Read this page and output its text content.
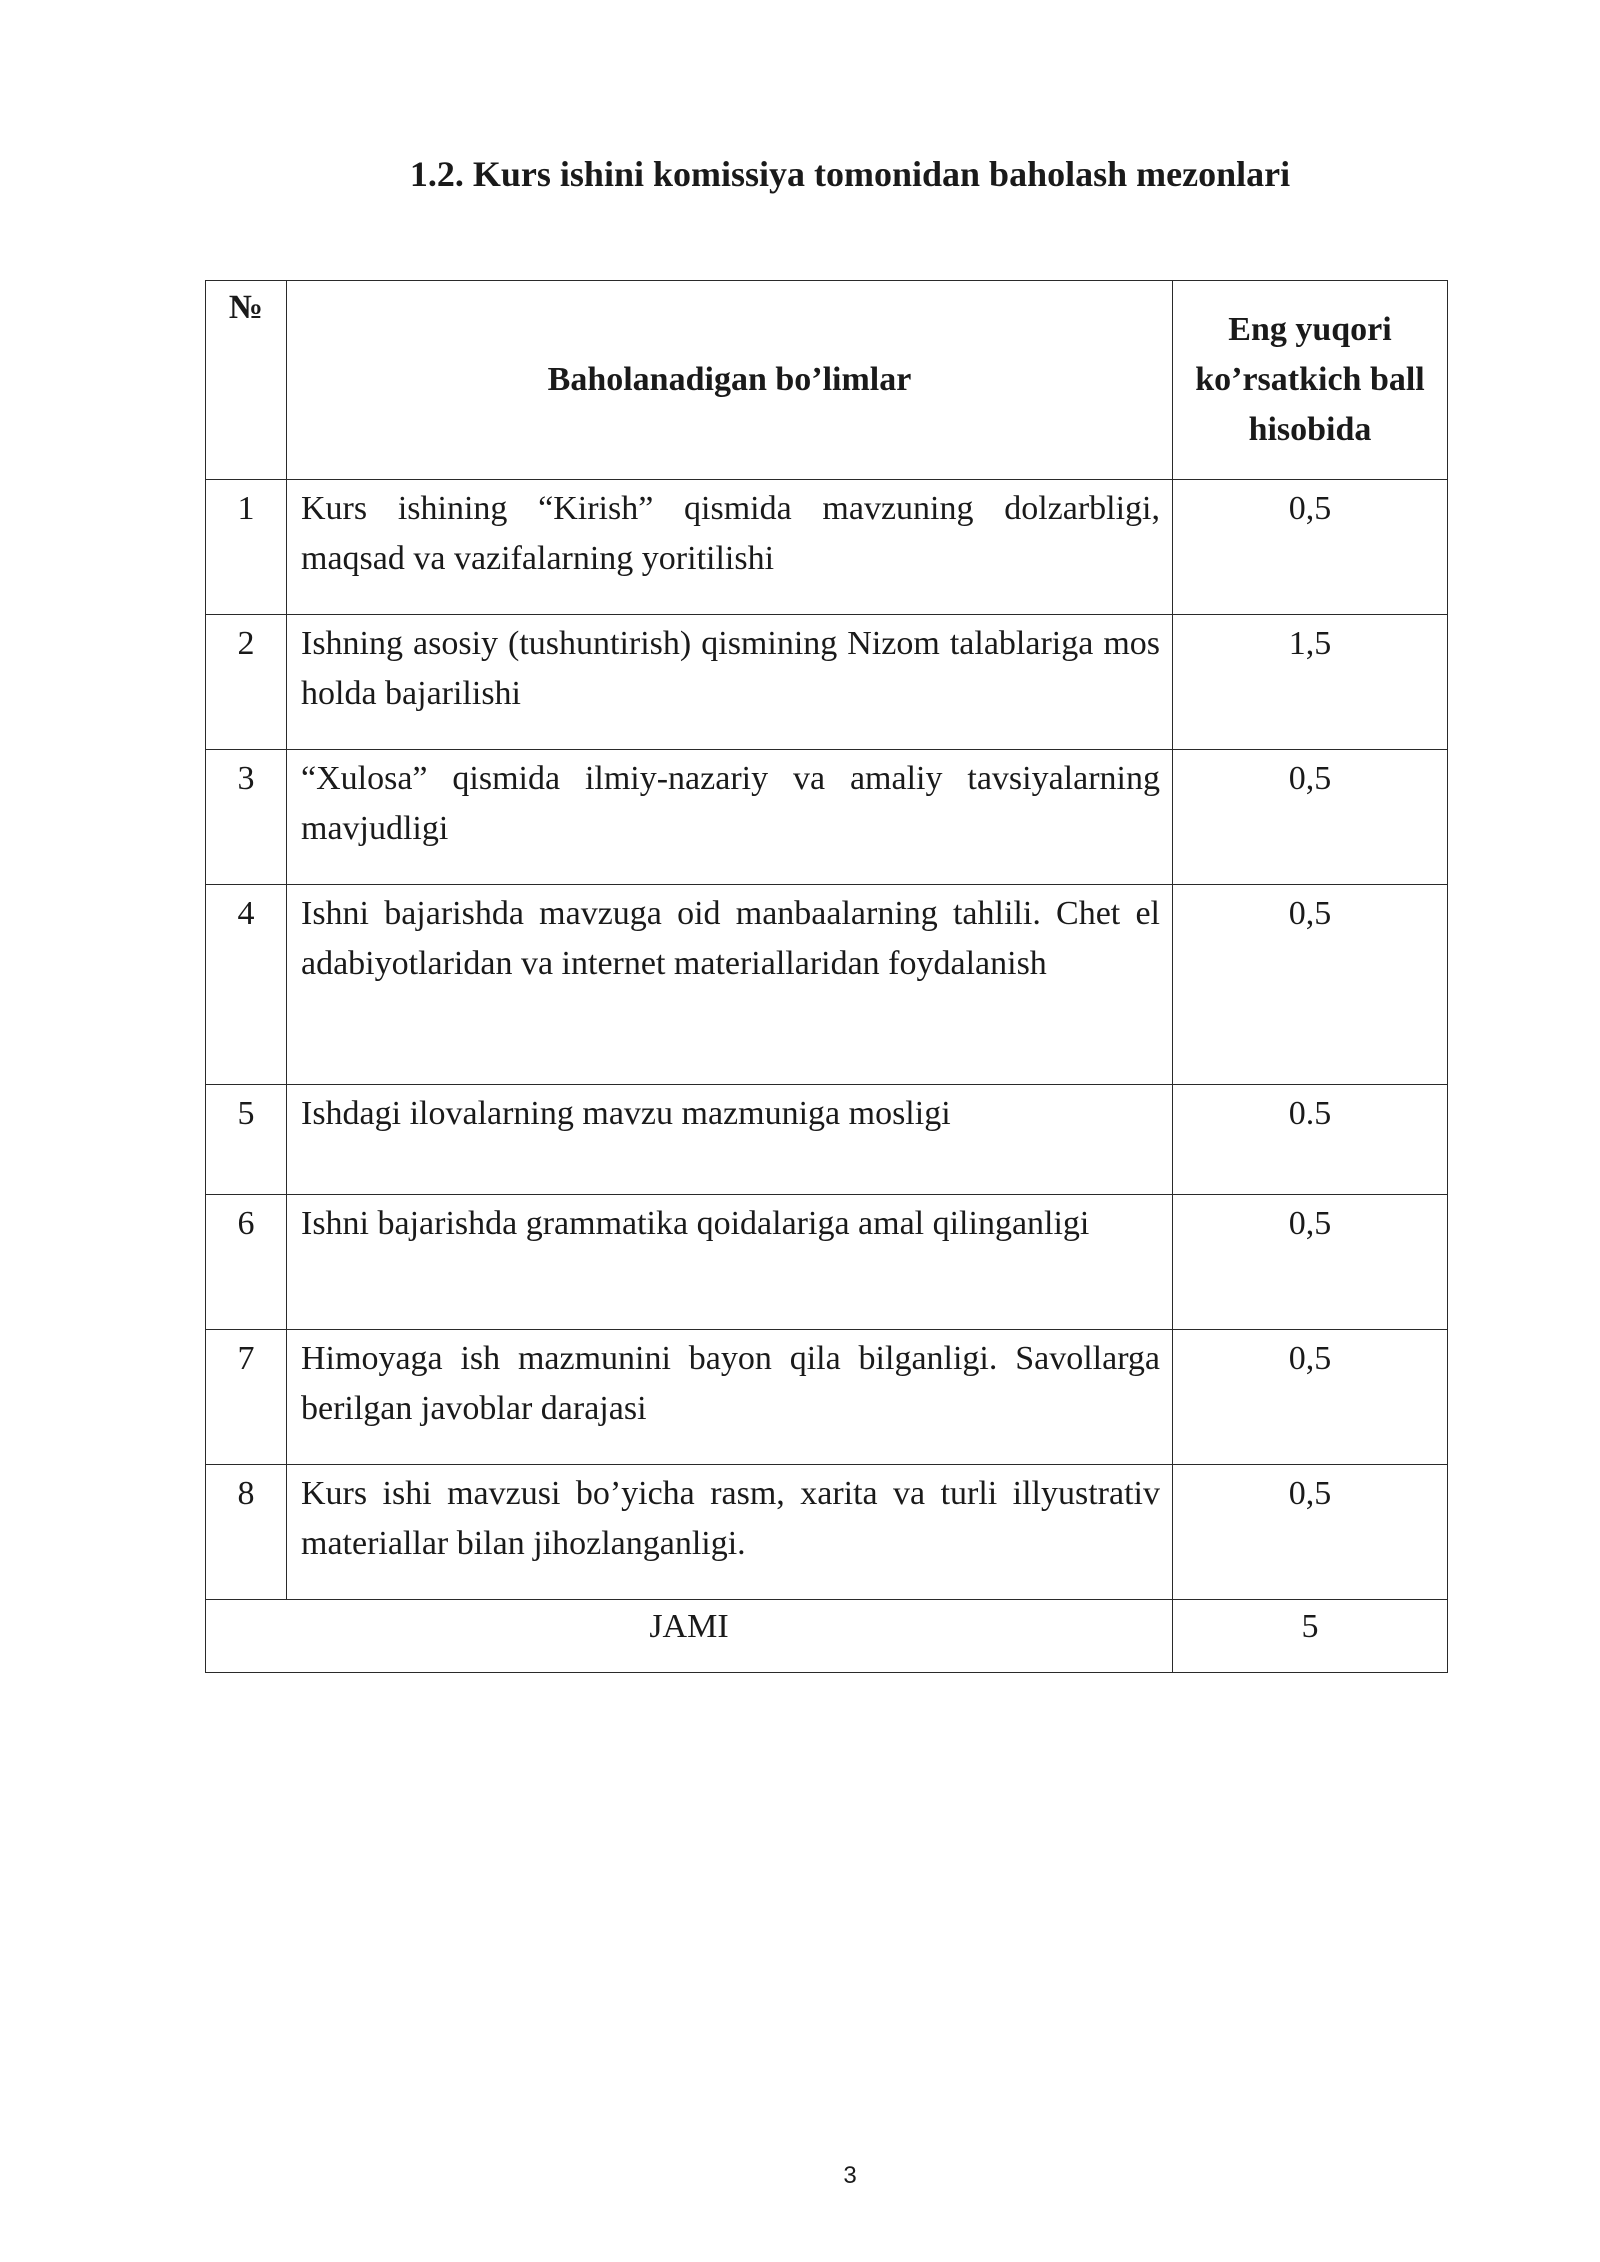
1.2. Kurs ishini komissiya tomonidan baholash mezonlari
№	Baholanadigan bo’limlar	Eng yuqori ko’rsatkich ball hisobida
1	Kurs ishining “Kirish” qismida mavzuning dolzarbligi, maqsad va vazifalarning yoritilishi	0,5
2	Ishning asosiy (tushuntirish) qismining Nizom talablariga mos holda bajarilishi	1,5
3	“Xulosa” qismida ilmiy-nazariy va amaliy tavsiyalarning mavjudligi	0,5
4	Ishni bajarishda mavzuga oid manbaalarning tahlili. Chet el adabiyotlaridan va internet materiallaridan foydalanish	0,5
5	Ishdagi ilovalarning mavzu mazmuniga mosligi	0.5
6	Ishni bajarishda grammatika qoidalariga amal qilinganligi	0,5
7	Himoyaga ish mazmunini bayon qila bilganligi. Savollarga berilgan javoblar darajasi	0,5
8	Kurs ishi mavzusi bo’yicha rasm, xarita va turli illyustrativ materiallar bilan jihozlanganligi.	0,5
JAMI		5
3
